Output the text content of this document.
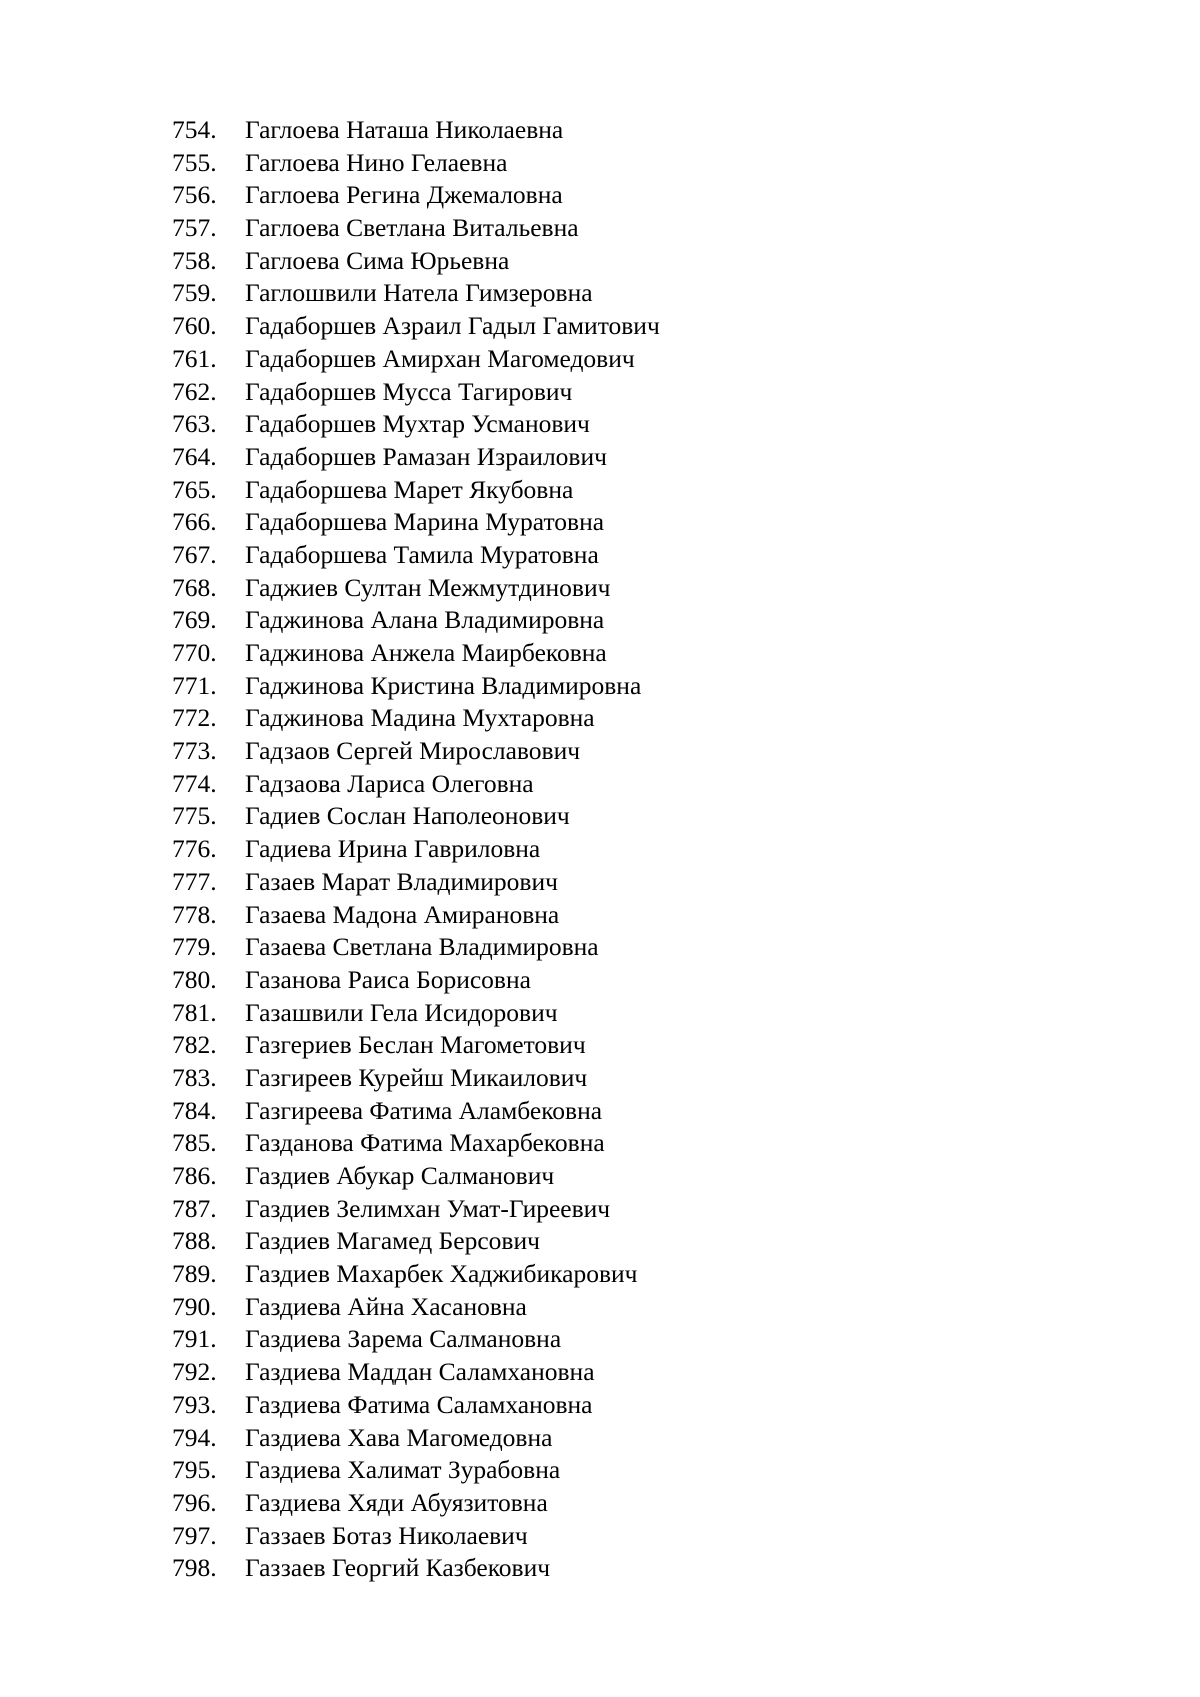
754.	Гаглоева Наташа Николаевна
755.	Гаглоева Нино Гелаевна
756.	Гаглоева Регина Джемаловна
757.	Гаглоева Светлана Витальевна
758.	Гаглоева Сима Юрьевна
759.	Гаглошвили Натела Гимзеровна
760.	Гадаборшев Азраил Гадыл Гамитович
761.	Гадаборшев Амирхан Магомедович
762.	Гадаборшев Мусса Тагирович
763.	Гадаборшев Мухтар Усманович
764.	Гадаборшев Рамазан Израилович
765.	Гадаборшева Марет Якубовна
766.	Гадаборшева Марина Муратовна
767.	Гадаборшева Тамила Муратовна
768.	Гаджиев Султан Межмутдинович
769.	Гаджинова Алана Владимировна
770.	Гаджинова Анжела Маирбековна
771.	Гаджинова Кристина Владимировна
772.	Гаджинова Мадина Мухтаровна
773.	Гадзаов Сергей Мирославович
774.	Гадзаова Лариса Олеговна
775.	Гадиев Сослан Наполеонович
776.	Гадиева Ирина Гавриловна
777.	Газаев Марат Владимирович
778.	Газаева Мадона Амирановна
779.	Газаева Светлана Владимировна
780.	Газанова Раиса Борисовна
781.	Газашвили Гела Исидорович
782.	Газгериев Беслан Магометович
783.	Газгиреев Курейш Микаилович
784.	Газгиреева Фатима Аламбековна
785.	Газданова Фатима Махарбековна
786.	Газдиев Абукар Салманович
787.	Газдиев Зелимхан Умат-Гиреевич
788.	Газдиев Магамед Берсович
789.	Газдиев Махарбек Хаджибикарович
790.	Газдиева Айна Хасановна
791.	Газдиева Зарема Салмановна
792.	Газдиева Маддан Саламхановна
793.	Газдиева Фатима Саламхановна
794.	Газдиева Хава Магомедовна
795.	Газдиева Халимат Зурабовна
796.	Газдиева Хяди Абуязитовна
797.	Газзаев Ботаз Николаевич
798.	Газзаев Георгий Казбекович
